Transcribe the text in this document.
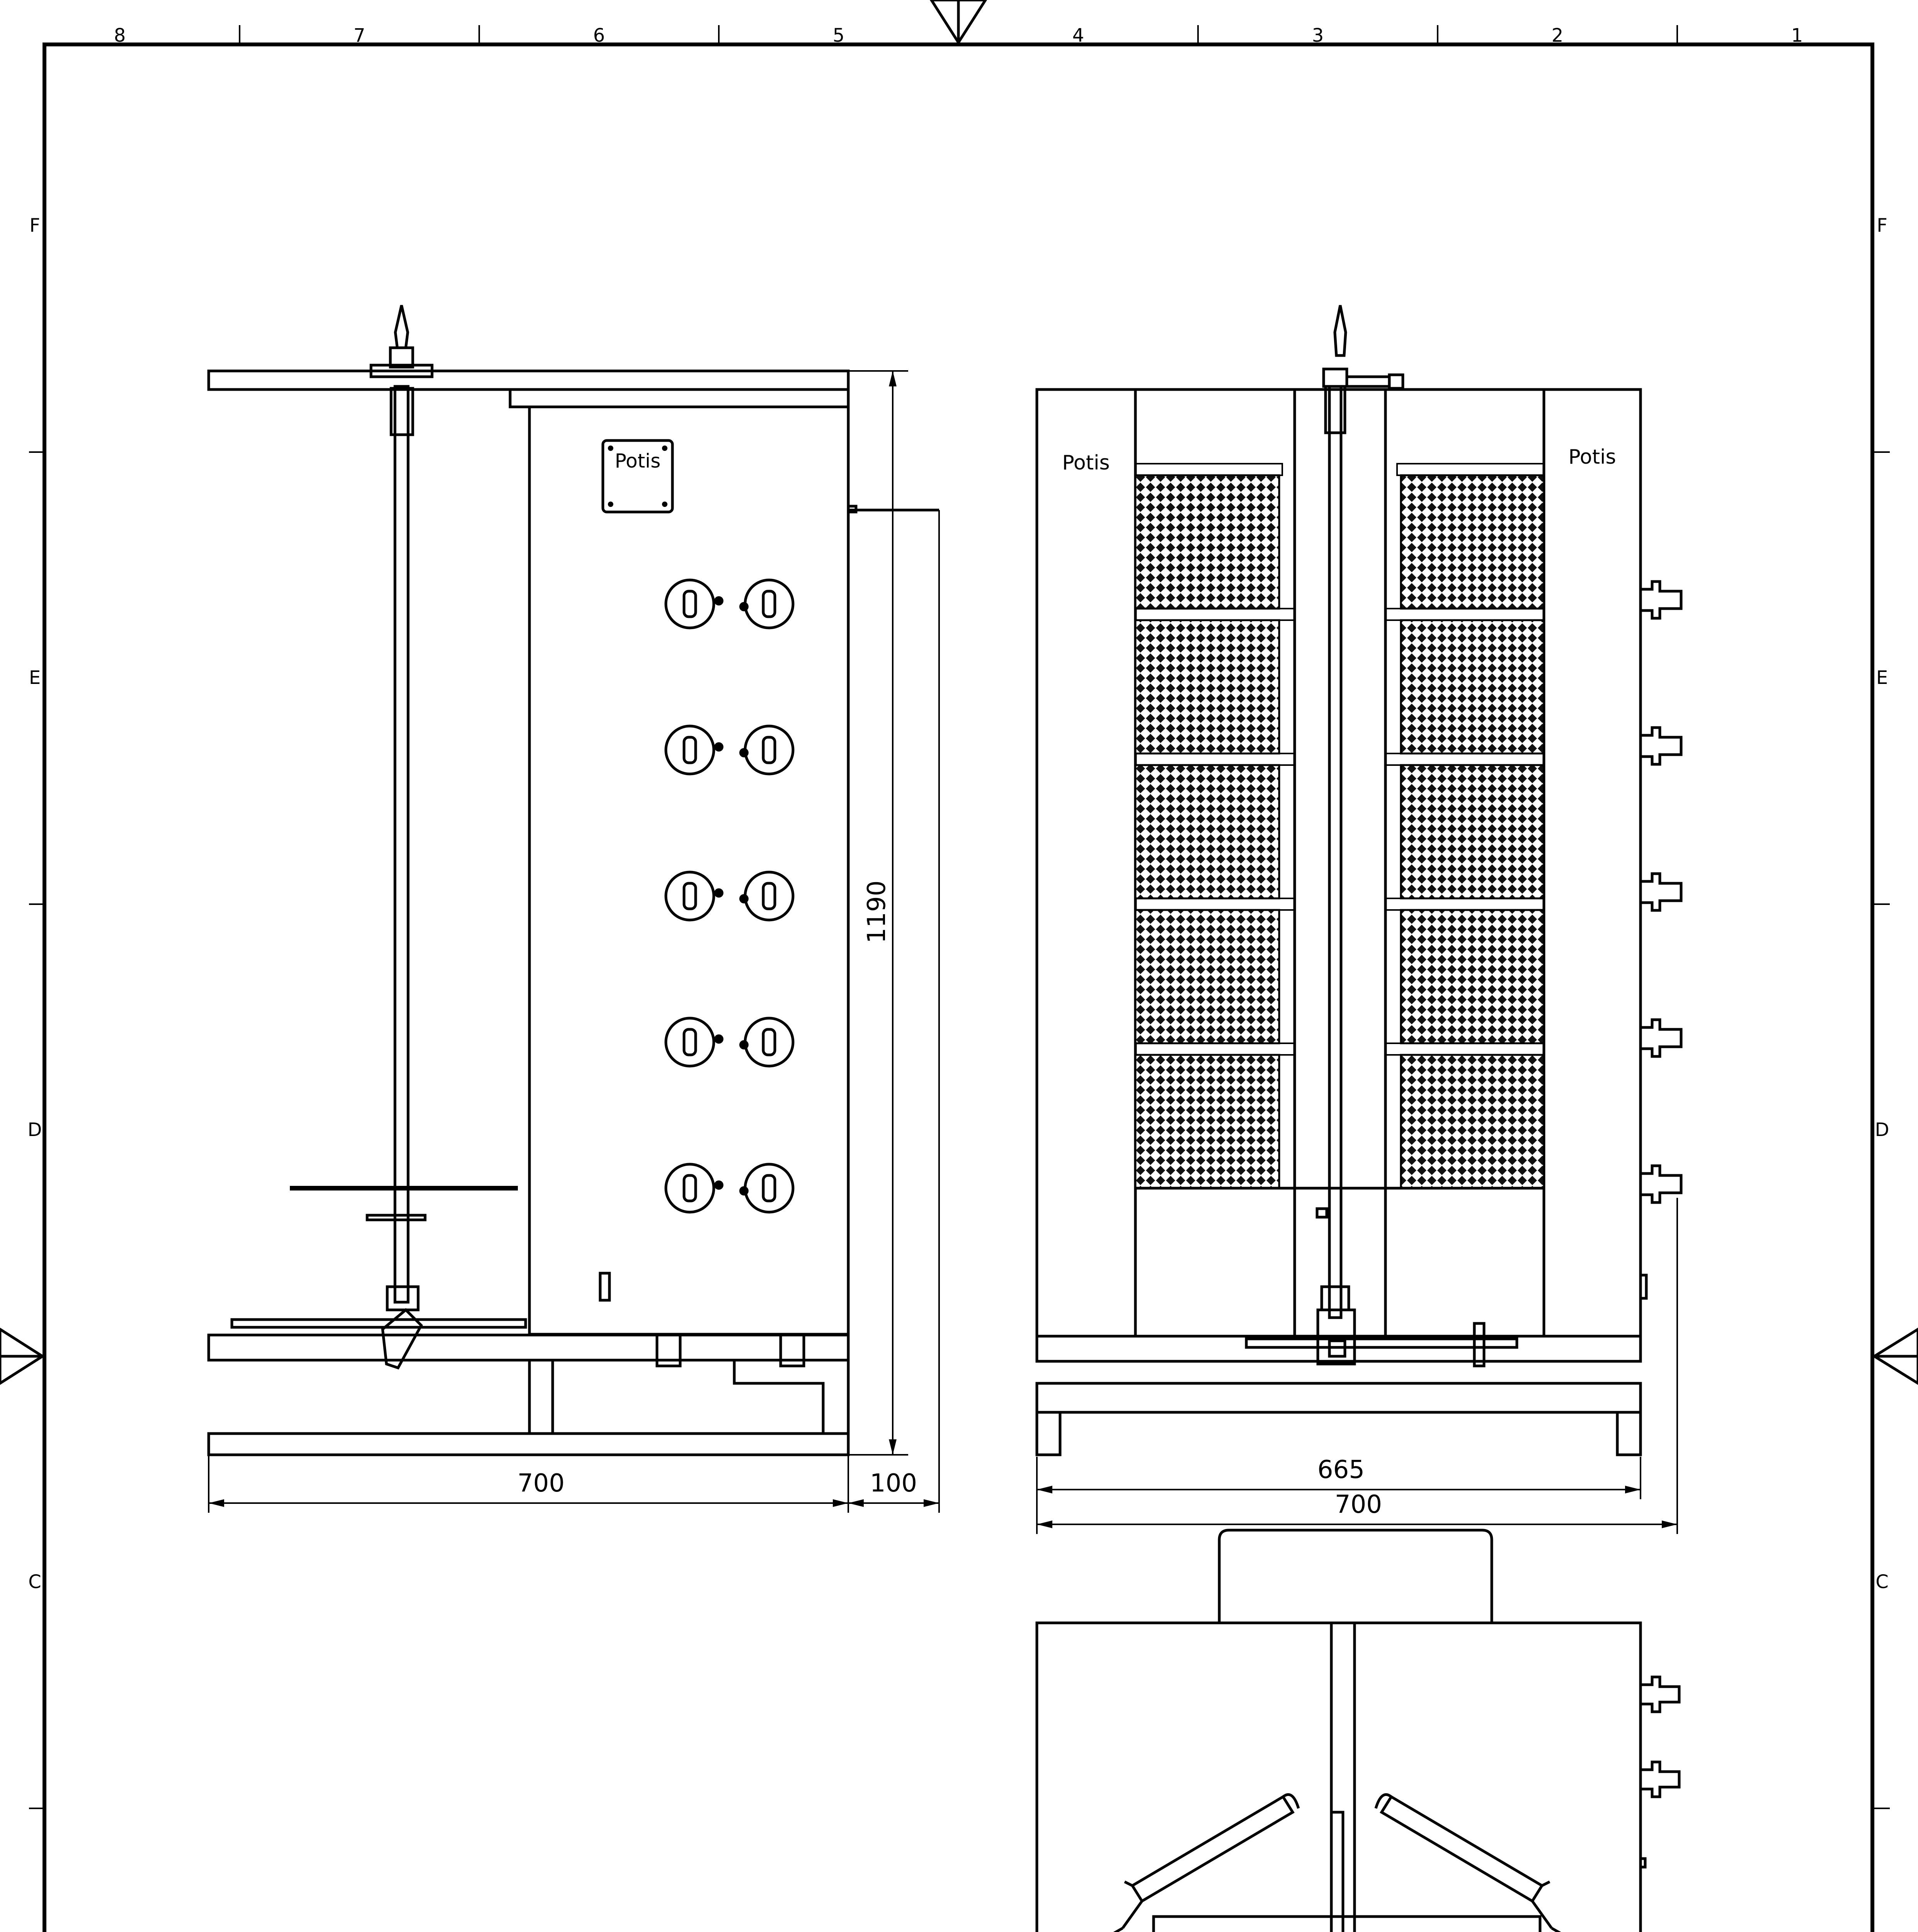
8	7	6	5	4	3	2	1
F
E
D
C
F
E
D
C
Potis
700	100
1190
Potis	Potis
665
700
